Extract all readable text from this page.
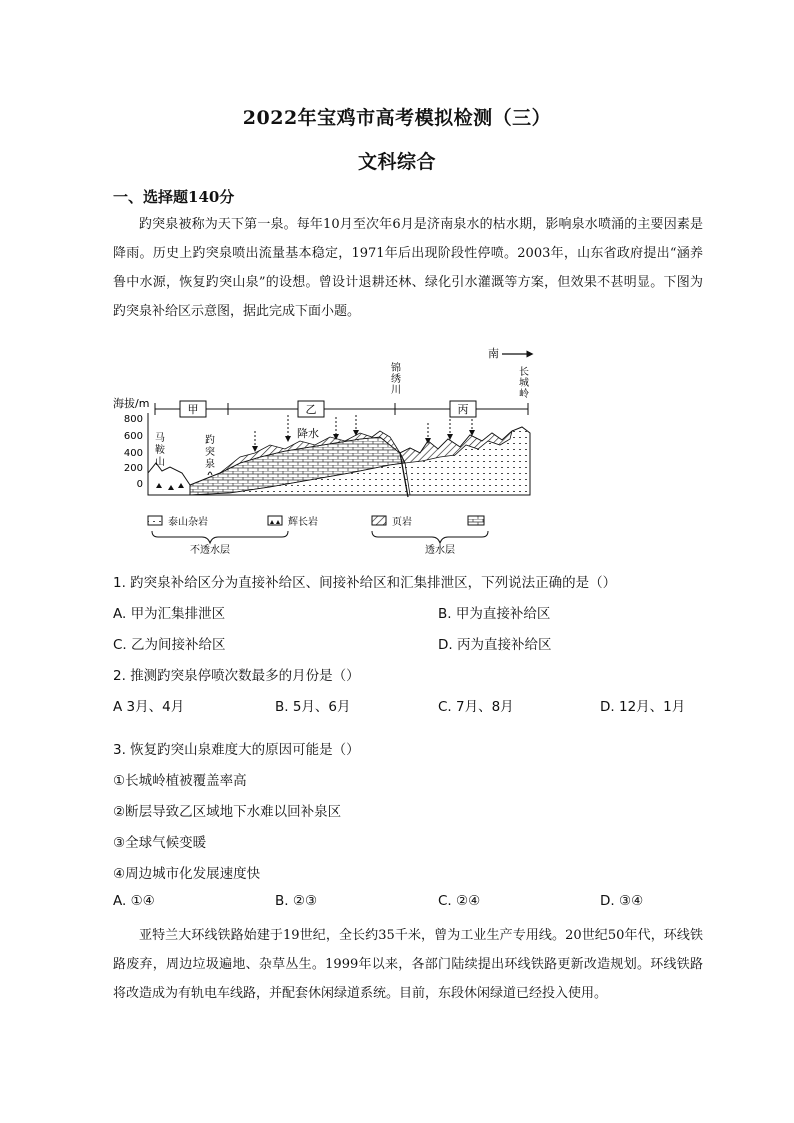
2022年宝鸡市高考模拟检测（三）
文科综合
一、选择题140分

趵突泉被称为天下第一泉。每年10月至次年6月是济南泉水的枯水期，影响泉水喷涌的主要因素是降雨。历史上趵突泉喷出流量基本稳定，1971年后出现阶段性停喷。2003年，山东省政府提出“涵养鲁中水源，恢复趵突山泉”的设想。曾设计退耕还林、绿化引水灌溉等方案，但效果不甚明显。下图为趵突泉补给区示意图，据此完成下面小题。

南
海拔/m
800
600
400
200
0
甲	乙	丙
锦绣川
长城岭
马鞍山
趵突泉
降水
泰山杂岩	辉长岩	页岩
不透水层	透水层
1. 趵突泉补给区分为直接补给区、间接补给区和汇集排泄区，下列说法正确的是（）
A. 甲为汇集排泄区	B. 甲为直接补给区
C. 乙为间接补给区	D. 丙为直接补给区
2. 推测趵突泉停喷次数最多的月份是（）
A 3月、4月	B. 5月、6月	C. 7月、8月	D. 12月、1月
3. 恢复趵突山泉难度大的原因可能是（）
①长城岭植被覆盖率高
②断层导致乙区域地下水难以回补泉区
③全球气候变暖
④周边城市化发展速度快
A. ①④	B. ②③	C. ②④	D. ③④

亚特兰大环线铁路始建于19世纪，全长约35千米，曾为工业生产专用线。20世纪50年代，环线铁路废弃，周边垃圾遍地、杂草丛生。1999年以来，各部门陆续提出环线铁路更新改造规划。环线铁路将改造成为有轨电车线路，并配套休闲绿道系统。目前，东段休闲绿道已经投入使用。
